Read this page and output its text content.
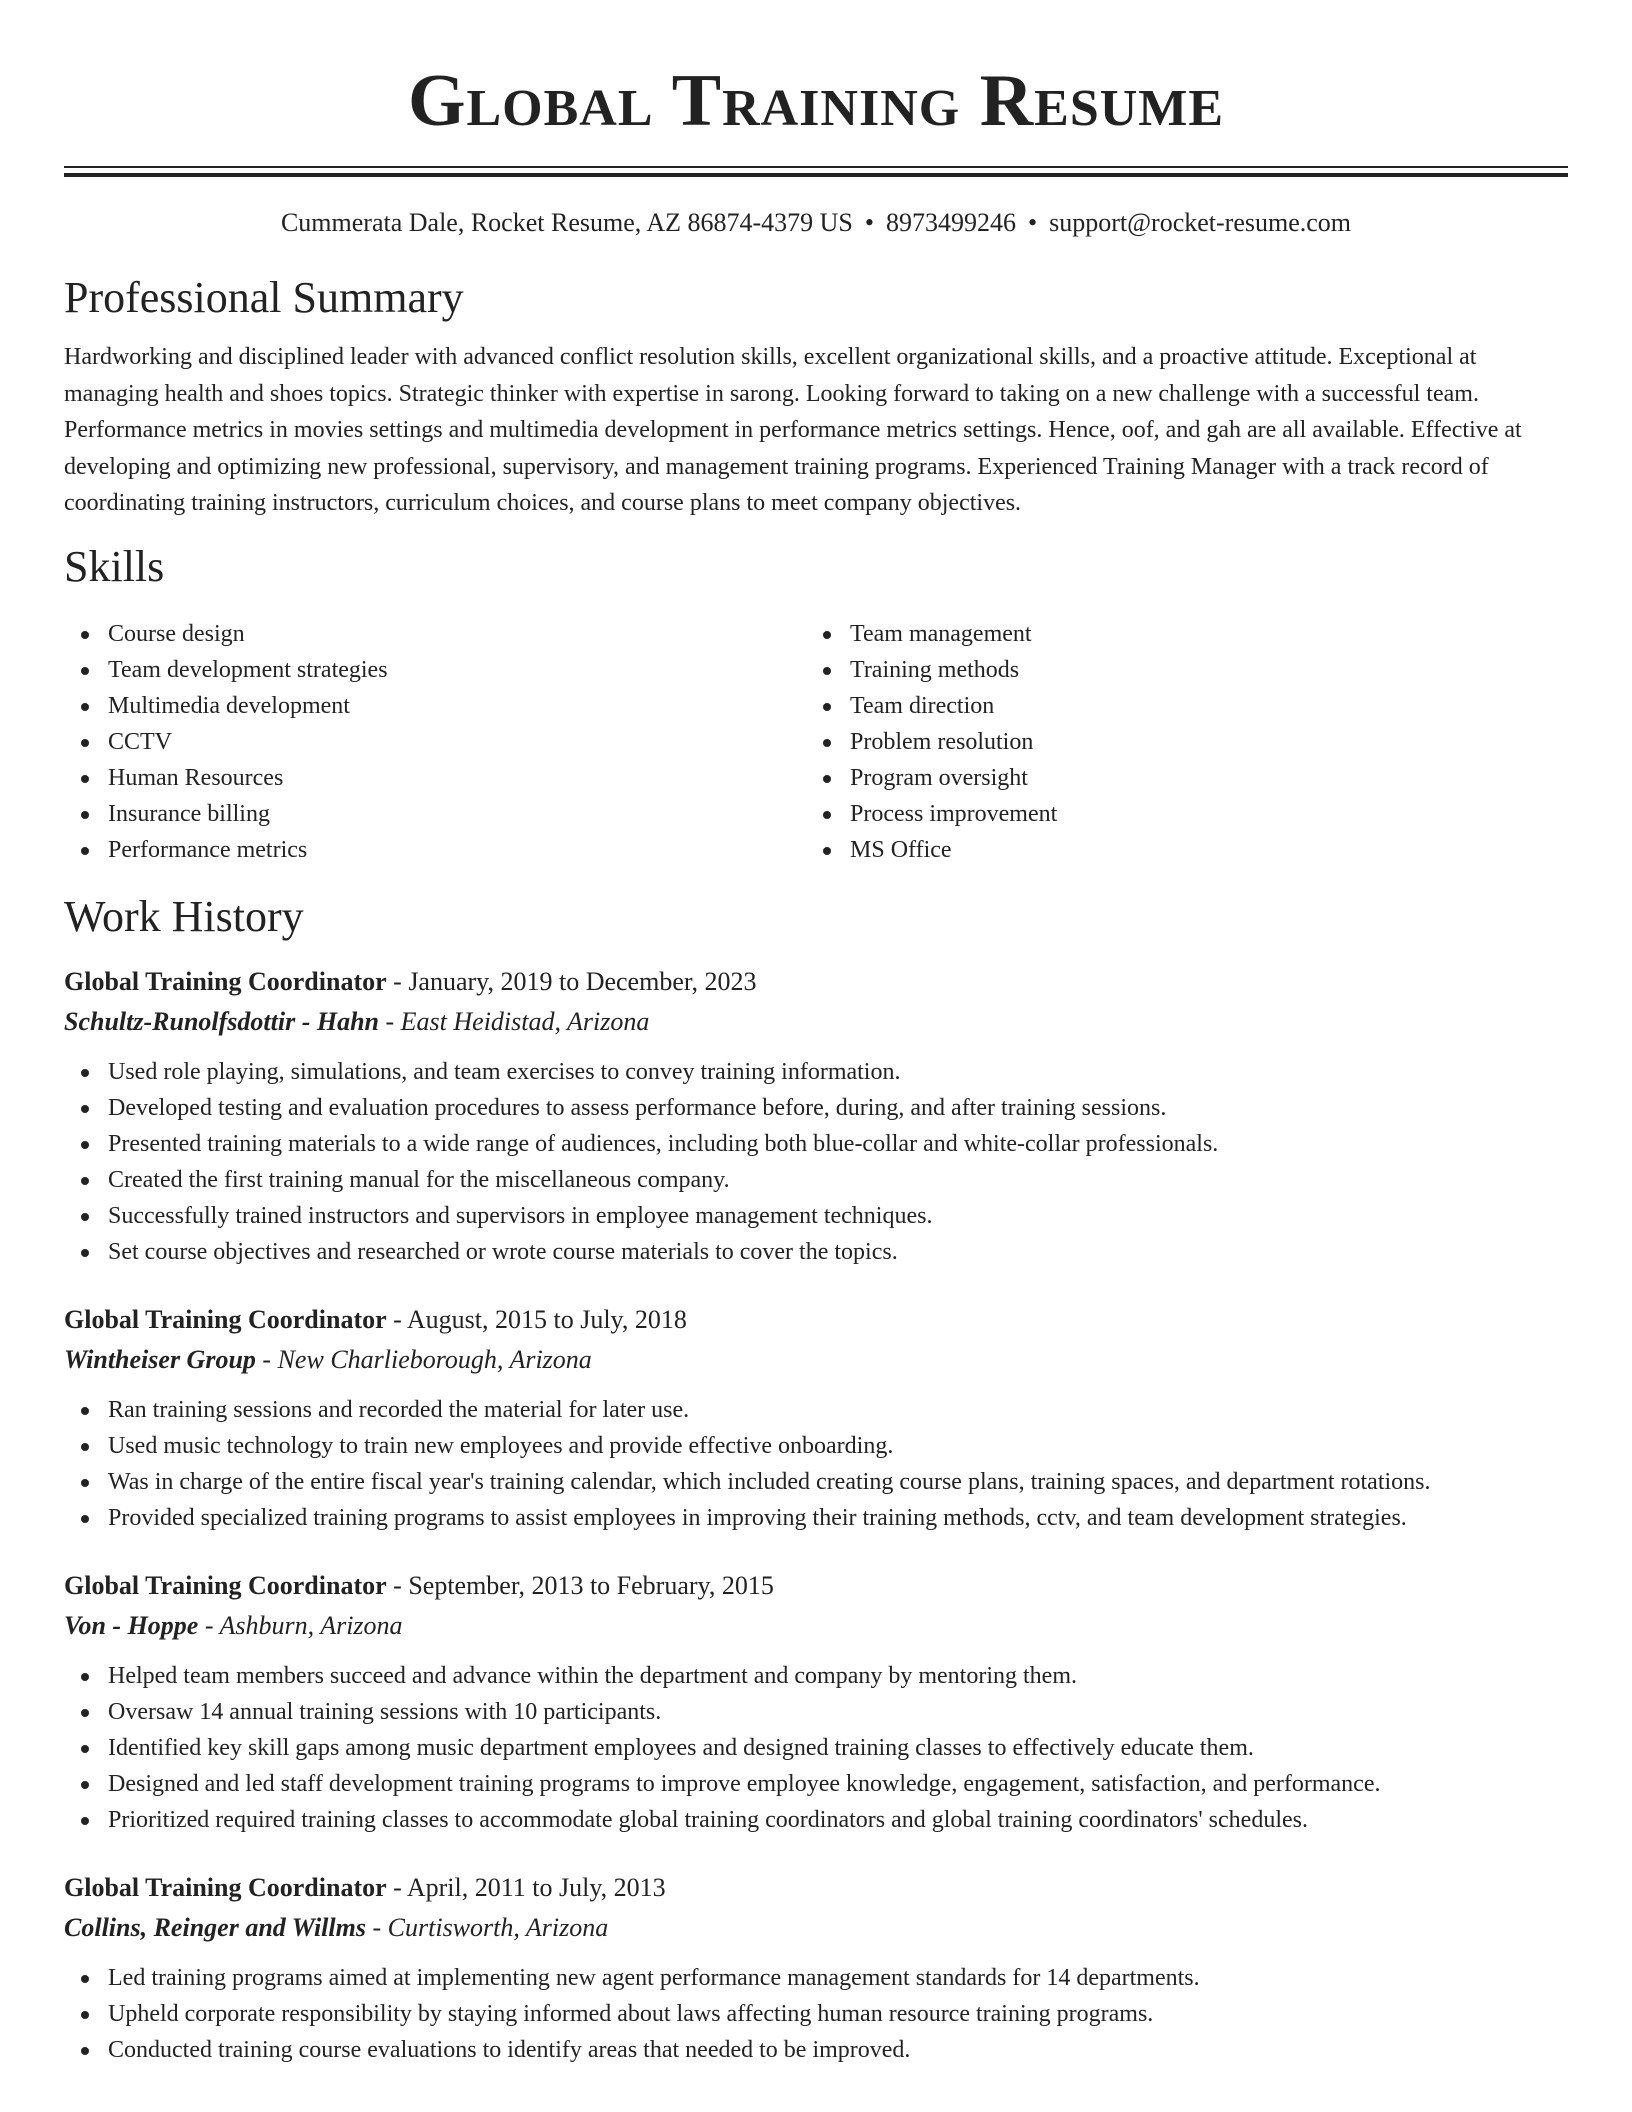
Global Training Resume
Cummerata Dale, Rocket Resume, AZ 86874-4379 US • 8973499246 • support@rocket-resume.com
Professional Summary

Hardworking and disciplined leader with advanced conflict resolution skills, excellent organizational skills, and a proactive attitude. Exceptional at managing health and shoes topics. Strategic thinker with expertise in sarong. Looking forward to taking on a new challenge with a successful team. Performance metrics in movies settings and multimedia development in performance metrics settings. Hence, oof, and gah are all available. Effective at developing and optimizing new professional, supervisory, and management training programs. Experienced Training Manager with a track record of coordinating training instructors, curriculum choices, and course plans to meet company objectives.

Skills
Course design
Team development strategies
Multimedia development
CCTV
Human Resources
Insurance billing
Performance metrics
Team management
Training methods
Team direction
Problem resolution
Program oversight
Process improvement
MS Office
Work History
Global Training Coordinator - January, 2019 to December, 2023
Schultz-Runolfsdottir - Hahn - East Heidistad, Arizona
Used role playing, simulations, and team exercises to convey training information.
Developed testing and evaluation procedures to assess performance before, during, and after training sessions.
Presented training materials to a wide range of audiences, including both blue-collar and white-collar professionals.
Created the first training manual for the miscellaneous company.
Successfully trained instructors and supervisors in employee management techniques.
Set course objectives and researched or wrote course materials to cover the topics.
Global Training Coordinator - August, 2015 to July, 2018
Wintheiser Group - New Charlieborough, Arizona
Ran training sessions and recorded the material for later use.
Used music technology to train new employees and provide effective onboarding.
Was in charge of the entire fiscal year's training calendar, which included creating course plans, training spaces, and department rotations.
Provided specialized training programs to assist employees in improving their training methods, cctv, and team development strategies.
Global Training Coordinator - September, 2013 to February, 2015
Von - Hoppe - Ashburn, Arizona
Helped team members succeed and advance within the department and company by mentoring them.
Oversaw 14 annual training sessions with 10 participants.
Identified key skill gaps among music department employees and designed training classes to effectively educate them.
Designed and led staff development training programs to improve employee knowledge, engagement, satisfaction, and performance.
Prioritized required training classes to accommodate global training coordinators and global training coordinators' schedules.
Global Training Coordinator - April, 2011 to July, 2013
Collins, Reinger and Willms - Curtisworth, Arizona
Led training programs aimed at implementing new agent performance management standards for 14 departments.
Upheld corporate responsibility by staying informed about laws affecting human resource training programs.
Conducted training course evaluations to identify areas that needed to be improved.
